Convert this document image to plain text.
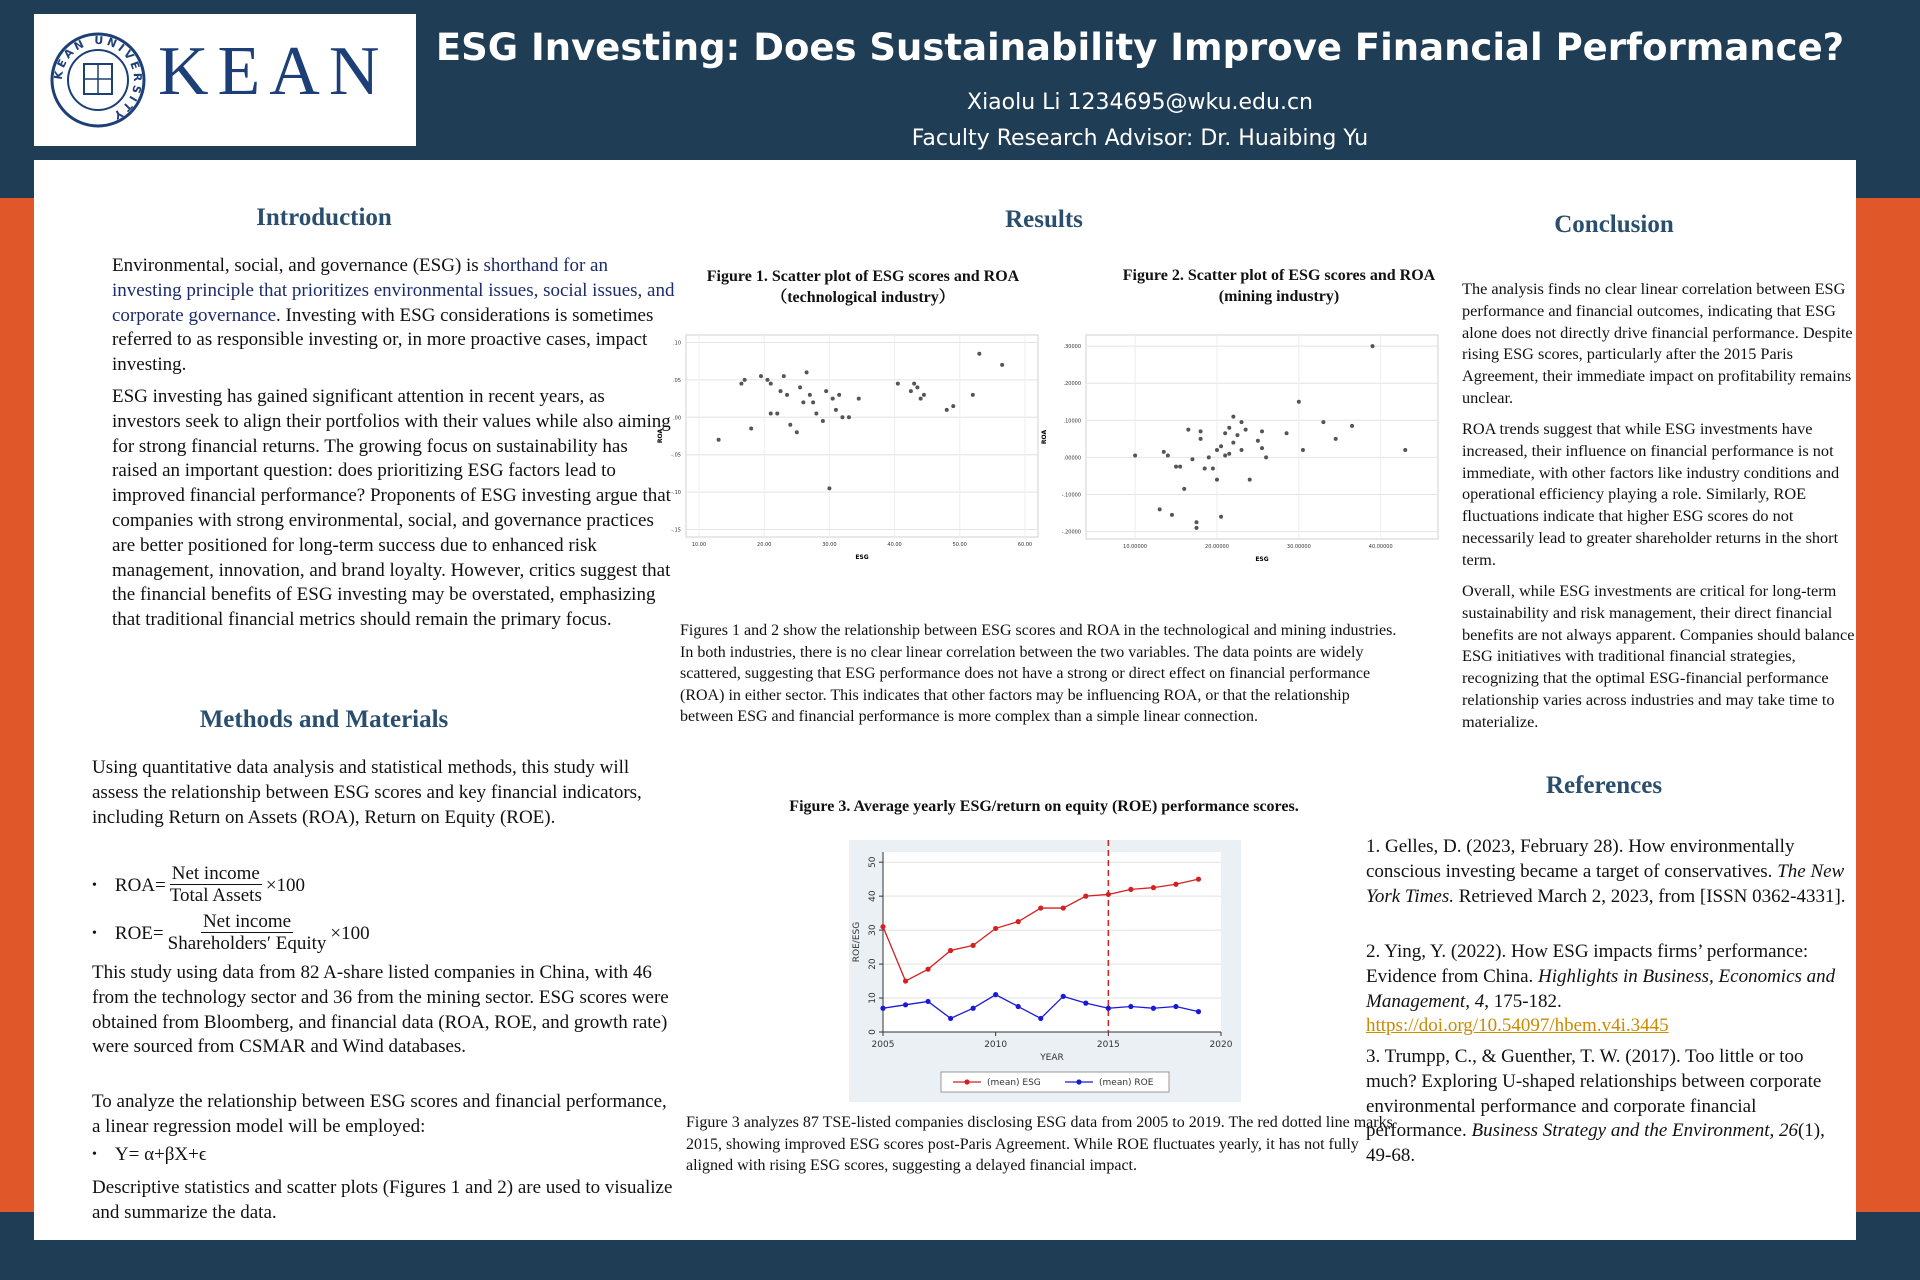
KEAN UNIVERSITY
KEAN ESG Investing: Does Sustainability Improve Financial Performance?
Xiaolu Li 1234695@wku.edu.cn
Faculty Research Advisor: Dr. Huaibing Yu
Introduction
Environmental, social, and governance (ESG) is shorthand for an investing principle that prioritizes environmental issues, social issues, and corporate governance. Investing with ESG considerations is sometimes referred to as responsible investing or, in more proactive cases, impact investing.
ESG investing has gained significant attention in recent years, as investors seek to align their portfolios with their values while also aiming for strong financial returns. The growing focus on sustainability has raised an important question: does prioritizing ESG factors lead to improved financial performance? Proponents of ESG investing argue that companies with strong environmental, social, and governance practices are better positioned for long-term success due to enhanced risk management, innovation, and brand loyalty. However, critics suggest that the financial benefits of ESG investing may be overstated, emphasizing that traditional financial metrics should remain the primary focus.
Methods and Materials
Using quantitative data analysis and statistical methods, this study will assess the relationship between ESG scores and key financial indicators, including Return on Assets (ROA), Return on Equity (ROE).
• $ROA= \frac{\text{Net income}}{\text{Total Assets}} \times 100$
• $ROE= \frac{\text{Net income}}{\text{Shareholders′ Equity}} \times 100$
This study using data from 82 A-share listed companies in China, with 46 from the technology sector and 36 from the mining sector. ESG scores were obtained from Bloomberg, and financial data (ROA, ROE, and growth rate) were sourced from CSMAR and Wind databases.
To analyze the relationship between ESG scores and financial performance, a linear regression model will be employed:
• Y= α+βX+ϵ
Descriptive statistics and scatter plots (Figures 1 and 2) are used to visualize and summarize the data.
Results
Figure 1. Scatter plot of ESG scores and ROA
（technological industry）
Figure 2. Scatter plot of ESG scores and ROA
(mining industry)
.10
.05
.00
-.05
-.10
-.15
10.00	20.00	30.00	40.00	50.00	60.00
ESG
ROA
.30000
.20000
.10000
.00000
-.10000
-.20000
10.00000	20.00000	30.00000	40.00000
ESG
ROA
Figures 1 and 2 show the relationship between ESG scores and ROA in the technological and mining industries. In both industries, there is no clear linear correlation between the two variables. The data points are widely scattered, suggesting that ESG performance does not have a strong or direct effect on financial performance (ROA) in either sector. This indicates that other factors may be influencing ROA, or that the relationship between ESG and financial performance is more complex than a simple linear connection.
Figure 3. Average yearly ESG/return on equity (ROE) performance scores.
0
10
20
30
40
50
2005	2010	2015	2020
YEAR
ROE/ESG
(mean) ESG	(mean) ROE
Figure 3 analyzes 87 TSE-listed companies disclosing ESG data from 2005 to 2019. The red dotted line marks 2015, showing improved ESG scores post-Paris Agreement. While ROE fluctuates yearly, it has not fully aligned with rising ESG scores, suggesting a delayed financial impact.
Conclusion
The analysis finds no clear linear correlation between ESG performance and financial outcomes, indicating that ESG alone does not directly drive financial performance. Despite rising ESG scores, particularly after the 2015 Paris Agreement, their immediate impact on profitability remains unclear.
ROA trends suggest that while ESG investments have increased, their influence on financial performance is not immediate, with other factors like industry conditions and operational efficiency playing a role. Similarly, ROE fluctuations indicate that higher ESG scores do not necessarily lead to greater shareholder returns in the short term.
Overall, while ESG investments are critical for long-term sustainability and risk management, their direct financial benefits are not always apparent. Companies should balance ESG initiatives with traditional financial strategies, recognizing that the optimal ESG-financial performance relationship varies across industries and may take time to materialize.
References
1. Gelles, D. (2023, February 28). How environmentally conscious investing became a target of conservatives. The New York Times. Retrieved March 2, 2023, from [ISSN 0362-4331].
2. Ying, Y. (2022). How ESG impacts firms’ performance: Evidence from China. Highlights in Business, Economics and Management, 4, 175-182. https://doi.org/10.54097/hbem.v4i.3445
3. Trumpp, C., & Guenther, T. W. (2017). Too little or too much? Exploring U-shaped relationships between corporate environmental performance and corporate financial performance. Business Strategy and the Environment, 26(1), 49-68.
